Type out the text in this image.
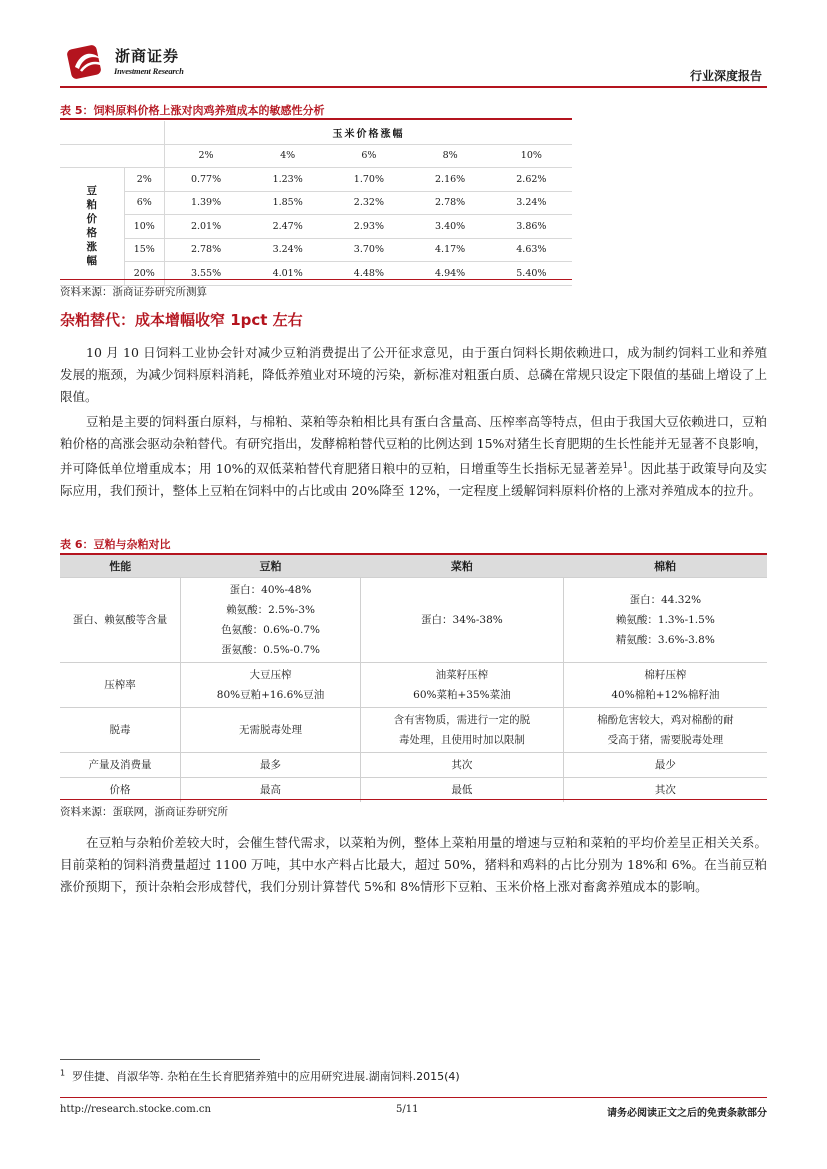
浙商证券
Investment Research	行业深度报告
表 5：饲料原料价格上涨对肉鸡养殖成本的敏感性分析
		玉米价格涨幅				
		2%	4%	6%	8%	10%

豆粕价格涨幅	2%	0.77%	1.23%	1.70%	2.16%	2.62%
	6%	1.39%	1.85%	2.32%	2.78%	3.24%
	10%	2.01%	2.47%	2.93%	3.40%	3.86%
	15%	2.78%	3.24%	3.70%	4.17%	4.63%
	20%	3.55%	4.01%	4.48%	4.94%	5.40%
资料来源：浙商证券研究所测算
杂粕替代：成本增幅收窄 1pct 左右
10 月 10 日饲料工业协会针对减少豆粕消费提出了公开征求意见，由于蛋白饲料长期依赖进口，成为制约饲料工业和养殖发展的瓶颈，为减少饲料原料消耗，降低养殖业对环境的污染，新标准对粗蛋白质、总磷在常规只设定下限值的基础上增设了上限值。
豆粕是主要的饲料蛋白原料，与棉粕、菜粕等杂粕相比具有蛋白含量高、压榨率高等特点，但由于我国大豆依赖进口，豆粕粕价格的高涨会驱动杂粕替代。有研究指出，发酵棉粕替代豆粕的比例达到 15%对猪生长育肥期的生长性能并无显著不良影响，并可降低单位增重成本；用 10%的双低菜粕替代育肥猪日粮中的豆粕，日增重等生长指标无显著差异$^1$。因此基于政策导向及实际应用，我们预计，整体上豆粕在饲料中的占比或由 20%降至 12%，一定程度上缓解饲料原料价格的上涨对养殖成本的拉升。
表 6：豆粕与杂粕对比
性能	豆粕	菜粕	棉粕
蛋白、赖氨酸等含量	蛋白：40%-48%
赖氨酸：2.5%-3%
色氨酸：0.6%-0.7%
蛋氨酸：0.5%-0.7%	蛋白：34%-38%	蛋白：44.32%
赖氨酸：1.3%-1.5%
精氨酸：3.6%-3.8%

压榨率	大豆压榨
80%豆粕+16.6%豆油	油菜籽压榨
60%菜粕+35%菜油	棉籽压榨
40%棉粕+12%棉籽油

脱毒	无需脱毒处理	含有害物质，需进行一定的脱
毒处理，且使用时加以限制	棉酚危害较大，鸡对棉酚的耐
受高于猪，需要脱毒处理

产量及消费量	最多	其次	最少
价格	最高	最低	其次
资料来源：蛋联网，浙商证券研究所
在豆粕与杂粕价差较大时，会催生替代需求，以菜粕为例，整体上菜粕用量的增速与豆粕和菜粕的平均价差呈正相关关系。目前菜粕的饲料消费量超过 1100 万吨，其中水产料占比最大，超过 50%，猪料和鸡料的占比分别为 18%和 6%。在当前豆粕涨价预期下，预计杂粕会形成替代，我们分别计算替代 5%和 8%情形下豆粕、玉米价格上涨对畜禽养殖成本的影响。
$^1$ 罗佳捷、肖淑华等. 杂粕在生长育肥猪养殖中的应用研究进展.湖南饲料.2015(4)
http://research.stocke.com.cn	5/11	请务必阅读正文之后的免责条款部分
